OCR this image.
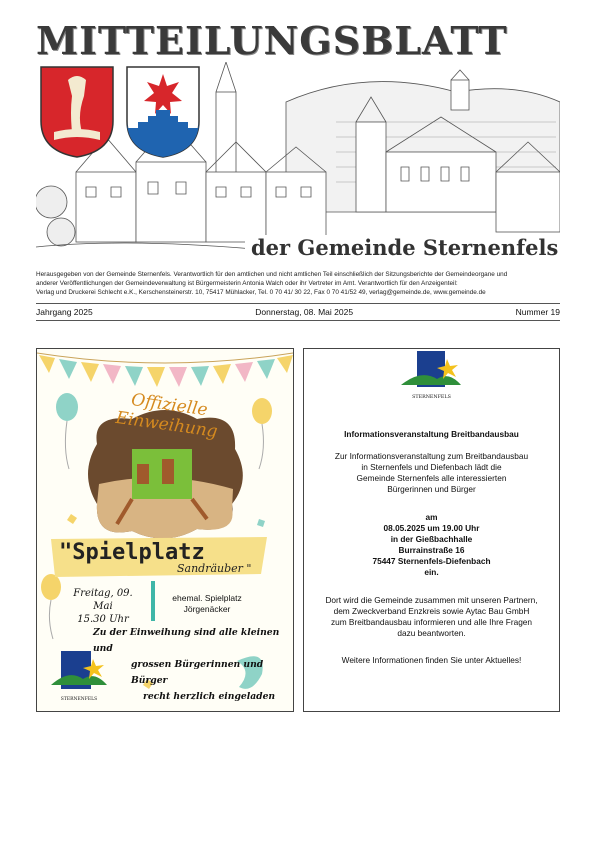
MITTEILUNGSBLATT
der Gemeinde Sternenfels
Herausgegeben von der Gemeinde Sternenfels. Verantwortlich für den amtlichen und nicht amtlichen Teil einschließlich der Sitzungsberichte der Gemeindeorgane und
anderer Veröffentlichungen der Gemeindeverwaltung ist Bürgermeisterin Antonia Walch oder ihr Vertreter im Amt. Verantwortlich für den Anzeigenteil:
Verlag und Druckerei Schlecht e.K., Kerschensteinerstr. 10, 75417 Mühlacker, Tel. 0 70 41/ 30 22, Fax 0 70 41/52 49, verlag@gemeinde.de, www.gemeinde.de
Jahrgang 2025	Donnerstag, 08. Mai 2025	Nummer 19
Offizielle Einweihung
"Spielplatz
Sandräuber "
Freitag, 09. Mai
15.30 Uhr
ehemal. Spielplatz
Jörgenäcker
Zu der Einweihung sind alle kleinen und
grossen Bürgerinnen und Bürger
recht herzlich eingeladen
STERNENFELS
STERNENFELS
Informationsveranstaltung Breitbandausbau
Zur Informationsveranstaltung zum Breitbandausbau
in Sternenfels und Diefenbach lädt die
Gemeinde Sternenfels alle interessierten
Bürgerinnen und Bürger
am
08.05.2025 um 19.00 Uhr
in der Gießbachhalle
Burrainstraße 16
75447 Sternenfels-Diefenbach
ein.
Dort wird die Gemeinde zusammen mit unseren Partnern,
dem Zweckverband Enzkreis sowie Aytac Bau GmbH
zum Breitbandausbau informieren und alle Ihre Fragen
dazu beantworten.
Weitere Informationen finden Sie unter Aktuelles!
